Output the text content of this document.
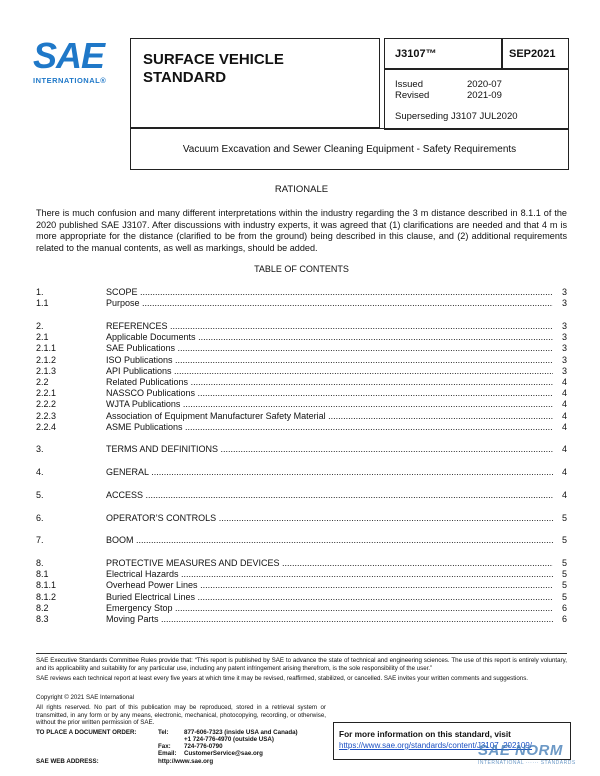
SAE
INTERNATIONAL®
SURFACE VEHICLE
STANDARD
J3107™	SEP2021
Issued	2020-07
Revised	2021-09
Superseding J3107 JUL2020
Vacuum Excavation and Sewer Cleaning Equipment - Safety Requirements
RATIONALE
There is much confusion and many different interpretations within the industry regarding the 3 m distance described in 8.1.1 of the 2020 published SAE J3107. After discussions with industry experts, it was agreed that (1) clarifications are needed and that 4 m is more appropriate for the distance (clarified to be from the ground) being described in this clause, and (2) additional requirements related to the manual contents, as well as markings, should be added.
TABLE OF CONTENTS
1.	SCOPE .....	3
1.1	Purpose .....	3
2.	REFERENCES .....	3
2.1	Applicable Documents .....	3
2.1.1	SAE Publications .....	3
2.1.2	ISO Publications .....	3
2.1.3	API Publications .....	3
2.2	Related Publications .....	4
2.2.1	NASSCO Publications .....	4
2.2.2	WJTA Publications .....	4
2.2.3	Association of Equipment Manufacturer Safety Material .....	4
2.2.4	ASME Publications .....	4
3.	TERMS AND DEFINITIONS .....	4
4.	GENERAL .....	4
5.	ACCESS .....	4
6.	OPERATOR’S CONTROLS .....	5
7.	BOOM .....	5
8.	PROTECTIVE MEASURES AND DEVICES .....	5
8.1	Electrical Hazards .....	5
8.1.1	Overhead Power Lines .....	5
8.1.2	Buried Electrical Lines .....	5
8.2	Emergency Stop .....	6
8.3	Moving Parts .....	6
SAE Executive Standards Committee Rules provide that: “This report is published by SAE to advance the state of technical and engineering sciences. The use of this report is entirely voluntary, and its applicability and suitability for any particular use, including any patent infringement arising therefrom, is the sole responsibility of the user.”
SAE reviews each technical report at least every five years at which time it may be revised, reaffirmed, stabilized, or cancelled. SAE invites your written comments and suggestions.
Copyright © 2021 SAE International
All rights reserved. No part of this publication may be reproduced, stored in a retrieval system or transmitted, in any form or by any means, electronic, mechanical, photocopying, recording, or otherwise, without the prior written permission of SAE.
TO PLACE A DOCUMENT ORDER:	Tel: 877-606-7323 (inside USA and Canada)
+1 724-776-4970 (outside USA)
Fax: 724-776-0790
Email: CustomerService@sae.org
SAE WEB ADDRESS:	http://www.sae.org
For more information on this standard, visit
https://www.sae.org/standards/content/J3107_202109/
SAE NORM
INTERNATIONAL ······ STANDARDS
